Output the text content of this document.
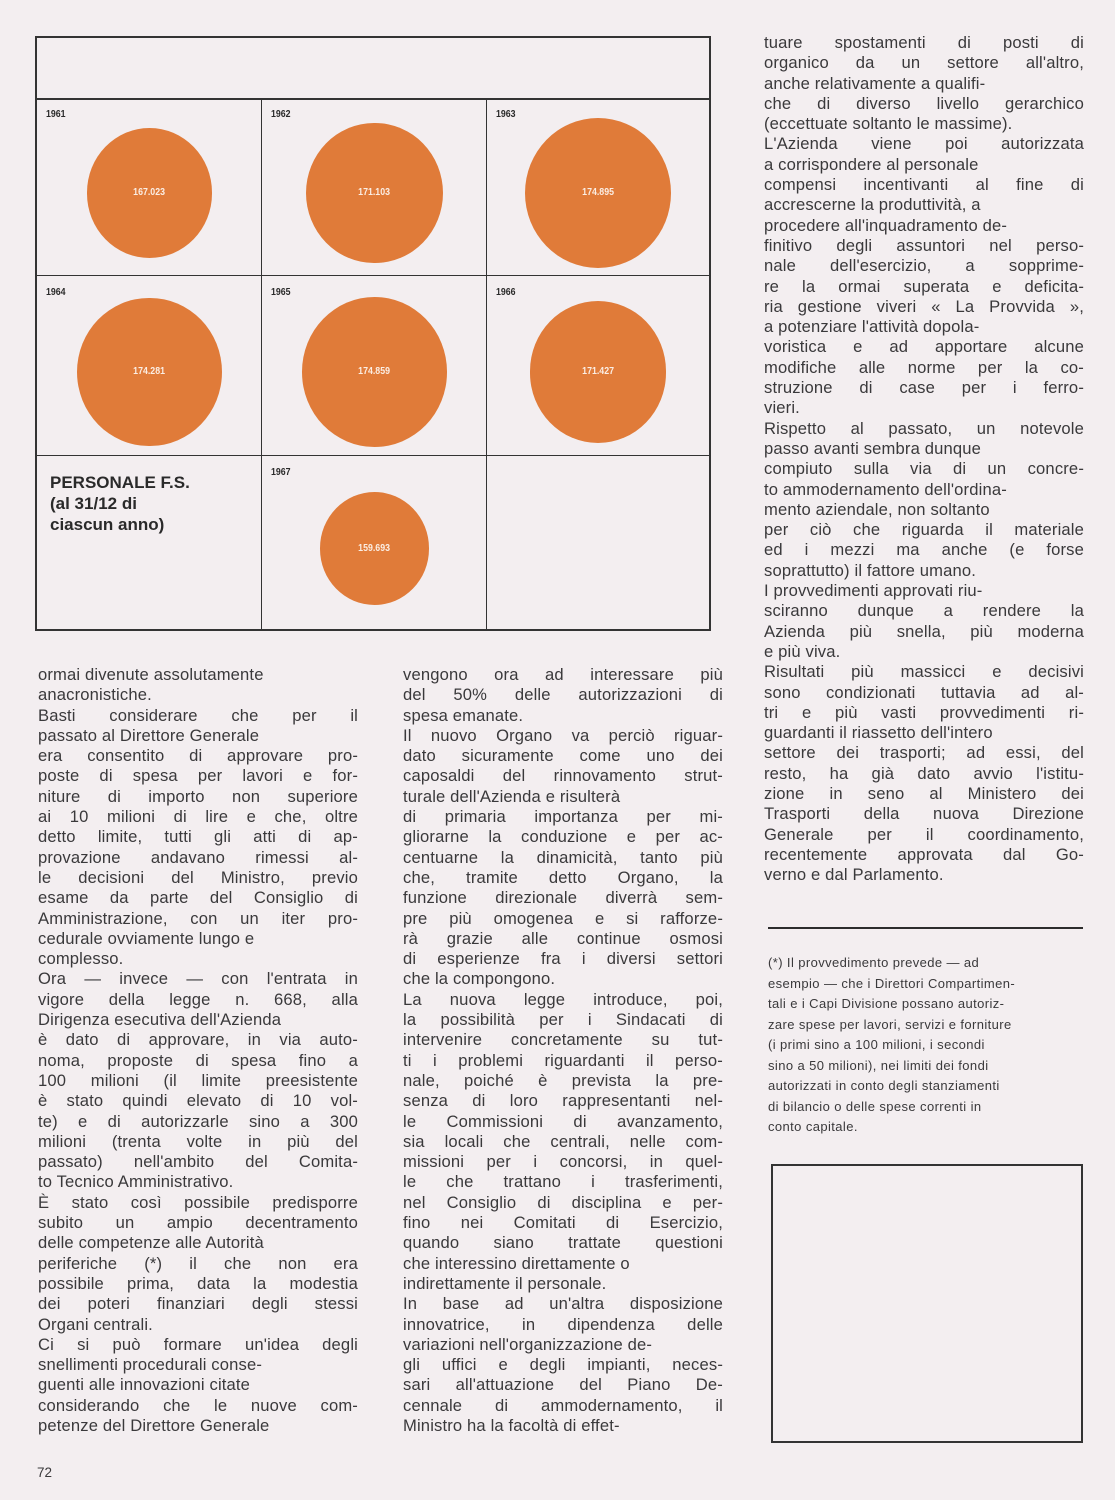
1961
167.023
1962
171.103
1963
174.895
1964
174.281
1965
174.859
1966
171.427
PERSONALE F.S.
(al 31/12 di
ciascun anno)
1967
159.693

ormai divenute assolutamente
anacronistiche.

Basti considerare che per il
passato al Direttore Generale
era consentito di approvare pro-
poste di spesa per lavori e for-
niture di importo non superiore
ai 10 milioni di lire e che, oltre
detto limite, tutti gli atti di ap-
provazione andavano rimessi al-
le decisioni del Ministro, previo
esame da parte del Consiglio di
Amministrazione, con un iter pro-
cedurale ovviamente lungo e
complesso.

Ora — invece — con l'entrata in
vigore della legge n. 668, alla
Dirigenza esecutiva dell'Azienda
è dato di approvare, in via auto-
noma, proposte di spesa fino a
100 milioni (il limite preesistente
è stato quindi elevato di 10 vol-
te) e di autorizzarle sino a 300
milioni (trenta volte in più del
passato) nell'ambito del Comita-
to Tecnico Amministrativo.

È stato così possibile predisporre
subito un ampio decentramento
delle competenze alle Autorità
periferiche (*) il che non era
possibile prima, data la modestia
dei poteri finanziari degli stessi
Organi centrali.

Ci si può formare un'idea degli
snellimenti procedurali conse-
guenti alle innovazioni citate
considerando che le nuove com-
petenze del Direttore Generale

vengono ora ad interessare più
del 50% delle autorizzazioni di
spesa emanate.

Il nuovo Organo va perciò riguar-
dato sicuramente come uno dei
caposaldi del rinnovamento strut-
turale dell'Azienda e risulterà
di primaria importanza per mi-
gliorarne la conduzione e per ac-
centuarne la dinamicità, tanto più
che, tramite detto Organo, la
funzione direzionale diverrà sem-
pre più omogenea e si rafforze-
rà grazie alle continue osmosi
di esperienze fra i diversi settori
che la compongono.

La nuova legge introduce, poi,
la possibilità per i Sindacati di
intervenire concretamente su tut-
ti i problemi riguardanti il perso-
nale, poiché è prevista la pre-
senza di loro rappresentanti nel-
le Commissioni di avanzamento,
sia locali che centrali, nelle com-
missioni per i concorsi, in quel-
le che trattano i trasferimenti,
nel Consiglio di disciplina e per-
fino nei Comitati di Esercizio,
quando siano trattate questioni
che interessino direttamente o
indirettamente il personale.

In base ad un'altra disposizione
innovatrice, in dipendenza delle
variazioni nell'organizzazione de-
gli uffici e degli impianti, neces-
sari all'attuazione del Piano De-
cennale di ammodernamento, il
Ministro ha la facoltà di effet-

tuare spostamenti di posti di
organico da un settore all'altro,
anche relativamente a qualifi-
che di diverso livello gerarchico
(eccettuate soltanto le massime).

L'Azienda viene poi autorizzata
a corrispondere al personale
compensi incentivanti al fine di
accrescerne la produttività, a
procedere all'inquadramento de-
finitivo degli assuntori nel perso-
nale dell'esercizio, a sopprime-
re la ormai superata e deficita-
ria gestione viveri « La Provvida »,
a potenziare l'attività dopola-
voristica e ad apportare alcune
modifiche alle norme per la co-
struzione di case per i ferro-
vieri.

Rispetto al passato, un notevole
passo avanti sembra dunque
compiuto sulla via di un concre-
to ammodernamento dell'ordina-
mento aziendale, non soltanto
per ciò che riguarda il materiale
ed i mezzi ma anche (e forse
soprattutto) il fattore umano.

I provvedimenti approvati riu-
sciranno dunque a rendere la
Azienda più snella, più moderna
e più viva.

Risultati più massicci e decisivi
sono condizionati tuttavia ad al-
tri e più vasti provvedimenti ri-
guardanti il riassetto dell'intero
settore dei trasporti; ad essi, del
resto, ha già dato avvio l'istitu-
zione in seno al Ministero dei
Trasporti della nuova Direzione
Generale per il coordinamento,
recentemente approvata dal Go-
verno e dal Parlamento.

(*) Il provvedimento prevede — ad
esempio — che i Direttori Compartimen-
tali e i Capi Divisione possano autoriz-
zare spese per lavori, servizi e forniture
(i primi sino a 100 milioni, i secondi
sino a 50 milioni), nei limiti dei fondi
autorizzati in conto degli stanziamenti
di bilancio o delle spese correnti in
conto capitale.
72
